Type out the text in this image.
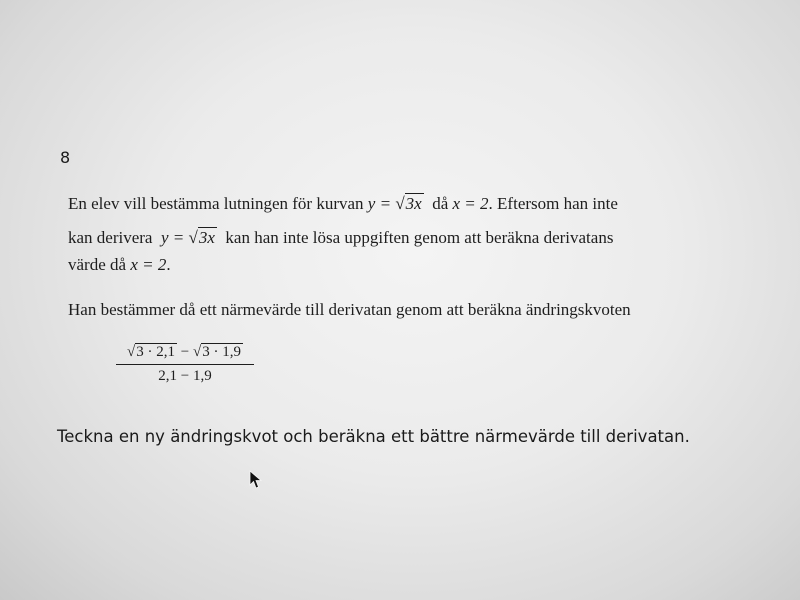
8
En elev vill bestämma lutningen för kurvan y = √3x då x = 2. Eftersom han inte
kan derivera y = √3x kan han inte lösa uppgiften genom att beräkna derivatans
värde då x = 2.
Han bestämmer då ett närmevärde till derivatan genom att beräkna ändringskvoten
$\frac{√3 \cdot 2,1 - √3 \cdot 1,9}{2,1 - 1,9}$
Teckna en ny ändringskvot och beräkna ett bättre närmevärde till derivatan.
